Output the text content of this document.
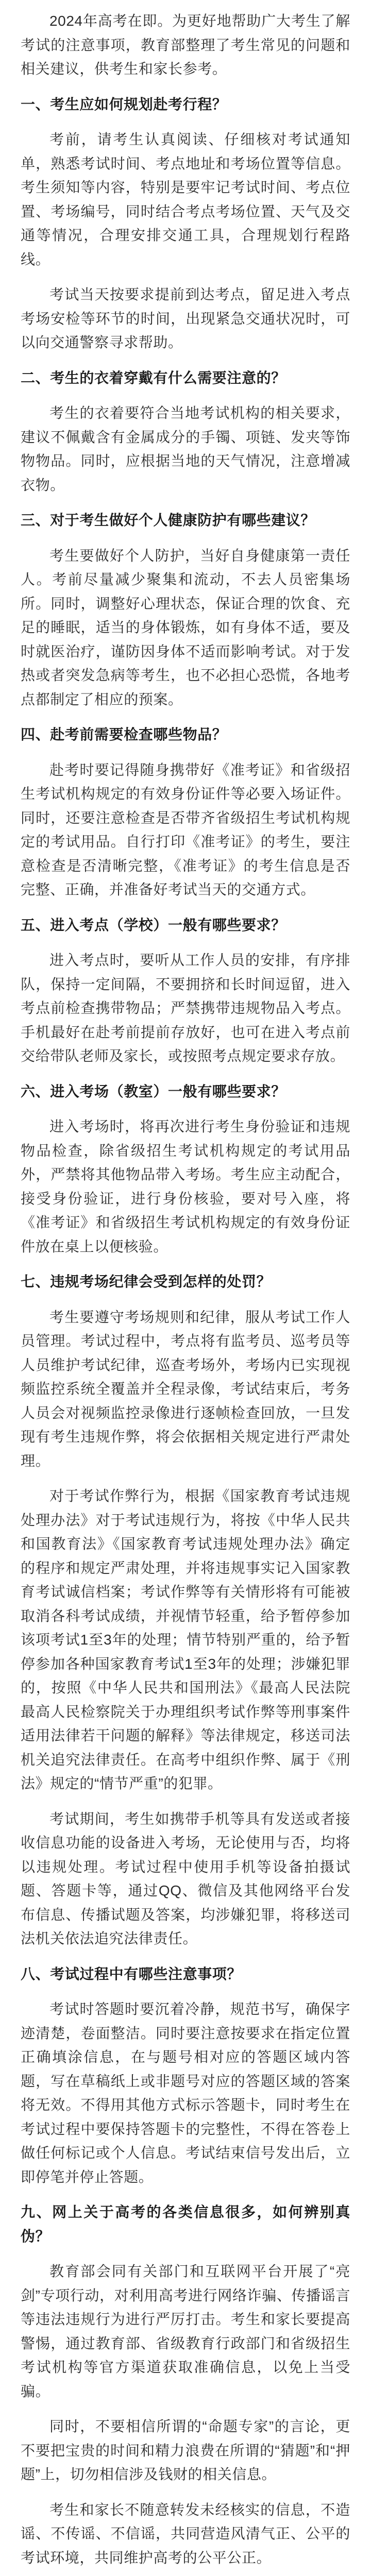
2024年高考在即。为更好地帮助广大考生了解考试的注意事项，教育部整理了考生常见的问题和相关建议，供考生和家长参考。

一、考生应如何规划赴考行程？

考前，请考生认真阅读、仔细核对考试通知单，熟悉考试时间、考点地址和考场位置等信息。考生须知等内容，特别是要牢记考试时间、考点位置、考场编号，同时结合考点考场位置、天气及交通等情况，合理安排交通工具，合理规划行程路线。

考试当天按要求提前到达考点，留足进入考点考场安检等环节的时间，出现紧急交通状况时，可以向交通警察寻求帮助。

二、考生的衣着穿戴有什么需要注意的？

考生的衣着要符合当地考试机构的相关要求，建议不佩戴含有金属成分的手镯、项链、发夹等饰物物品。同时，应根据当地的天气情况，注意增减衣物。

三、对于考生做好个人健康防护有哪些建议？

考生要做好个人防护，当好自身健康第一责任人。考前尽量减少聚集和流动，不去人员密集场所。同时，调整好心理状态，保证合理的饮食、充足的睡眠，适当的身体锻炼，如有身体不适，要及时就医治疗，谨防因身体不适而影响考试。对于发热或者突发急病等考生，也不必担心恐慌，各地考点都制定了相应的预案。

四、赴考前需要检查哪些物品？

赴考时要记得随身携带好《准考证》和省级招生考试机构规定的有效身份证件等必要入场证件。同时，还要注意检查是否带齐省级招生考试机构规定的考试用品。自行打印《准考证》的考生，要注意检查是否清晰完整，《准考证》的考生信息是否完整、正确，并准备好考试当天的交通方式。

五、进入考点（学校）一般有哪些要求？

进入考点时，要听从工作人员的安排，有序排队，保持一定间隔，不要拥挤和长时间逗留，进入考点前检查携带物品；严禁携带违规物品入考点。手机最好在赴考前提前存放好，也可在进入考点前交给带队老师及家长，或按照考点规定要求存放。

六、进入考场（教室）一般有哪些要求？

进入考场时，将再次进行考生身份验证和违规物品检查，除省级招生考试机构规定的考试用品外，严禁将其他物品带入考场。考生应主动配合，接受身份验证，进行身份核验，要对号入座，将《准考证》和省级招生考试机构规定的有效身份证件放在桌上以便核验。

七、违规考场纪律会受到怎样的处罚？

考生要遵守考场规则和纪律，服从考试工作人员管理。考试过程中，考点将有监考员、巡考员等人员维护考试纪律，巡查考场外，考场内已实现视频监控系统全覆盖并全程录像，考试结束后，考务人员会对视频监控录像进行逐帧检查回放，一旦发现有考生违规作弊，将会依据相关规定进行严肃处理。

对于考试作弊行为，根据《国家教育考试违规处理办法》对于考试违规行为，将按《中华人民共和国教育法》《国家教育考试违规处理办法》确定的程序和规定严肃处理，并将违规事实记入国家教育考试诚信档案；考试作弊等有关情形将有可能被取消各科考试成绩，并视情节轻重，给予暂停参加该项考试1至3年的处理；情节特别严重的，给予暂停参加各种国家教育考试1至3年的处理；涉嫌犯罪的，按照《中华人民共和国刑法》《最高人民法院 最高人民检察院关于办理组织考试作弊等刑事案件适用法律若干问题的解释》等法律规定，移送司法机关追究法律责任。在高考中组织作弊、属于《刑法》规定的“情节严重”的犯罪。

考试期间，考生如携带手机等具有发送或者接收信息功能的设备进入考场，无论使用与否，均将以违规处理。考试过程中使用手机等设备拍摄试题、答题卡等，通过QQ、微信及其他网络平台发布信息、传播试题及答案，均涉嫌犯罪，将移送司法机关依法追究法律责任。

八、考试过程中有哪些注意事项？

考试时答题时要沉着冷静，规范书写，确保字迹清楚，卷面整洁。同时要注意按要求在指定位置正确填涂信息，在与题号相对应的答题区域内答题，写在草稿纸上或非题号对应的答题区域的答案将无效。不得用其他方式标示答题卡，同时考生在考试过程中要保持答题卡的完整性，不得在答卷上做任何标记或个人信息。考试结束信号发出后，立即停笔并停止答题。

九、网上关于高考的各类信息很多，如何辨别真伪？

教育部会同有关部门和互联网平台开展了“亮剑”专项行动，对利用高考进行网络诈骗、传播谣言等违法违规行为进行严厉打击。考生和家长要提高警惕，通过教育部、省级教育行政部门和省级招生考试机构等官方渠道获取准确信息，以免上当受骗。

同时，不要相信所谓的“命题专家”的言论，更不要把宝贵的时间和精力浪费在所谓的“猜题”和“押题”上，切勿相信涉及钱财的相关信息。

考生和家长不随意转发未经核实的信息，不造谣、不传谣、不信谣，共同营造风清气正、公平的考试环境，共同维护高考的公平公正。
